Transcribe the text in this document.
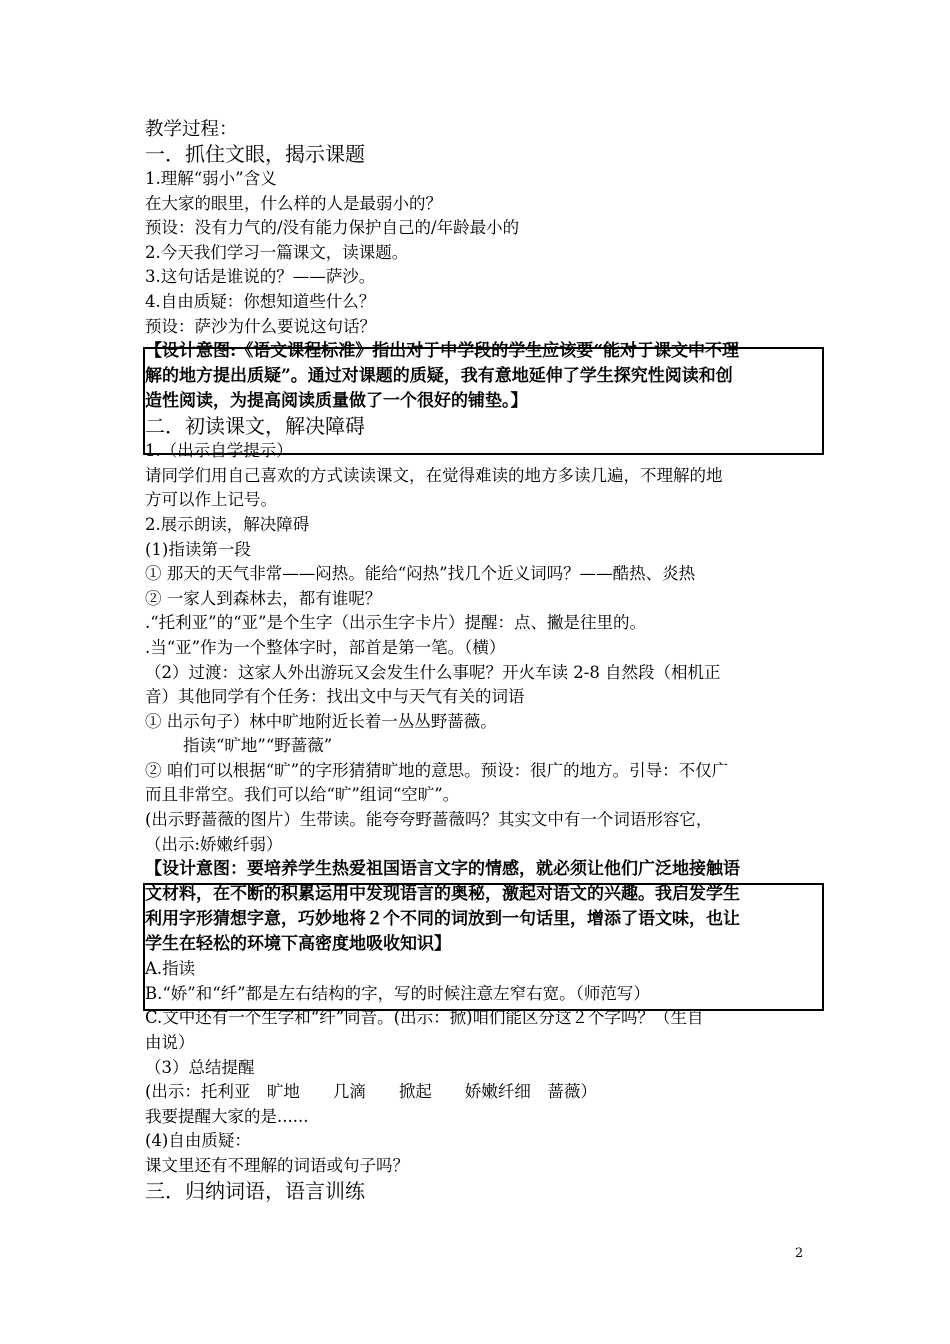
教学过程：
一．抓住文眼，揭示课题
1.理解“弱小”含义
在大家的眼里，什么样的人是最弱小的？
预设：没有力气的/没有能力保护自己的/年龄最小的
2.今天我们学习一篇课文，读课题。
3.这句话是谁说的？——萨沙。
4.自由质疑：你想知道些什么？
预设：萨沙为什么要说这句话？
【设计意图:《语文课程标准》指出对于中学段的学生应该要“能对于课文中不理
解的地方提出质疑”。通过对课题的质疑，我有意地延伸了学生探究性阅读和创
造性阅读，为提高阅读质量做了一个很好的铺垫。】
二．初读课文，解决障碍
1.（出示自学提示）
请同学们用自己喜欢的方式读读课文，在觉得难读的地方多读几遍，不理解的地
方可以作上记号。
2.展示朗读，解决障碍
(1)指读第一段
① 那天的天气非常——闷热。能给“闷热”找几个近义词吗？——酷热、炎热
② 一家人到森林去，都有谁呢？
.“托利亚”的“亚”是个生字（出示生字卡片）提醒：点、撇是往里的。
.当“亚”作为一个整体字时，部首是第一笔。（横）
（2）过渡：这家人外出游玩又会发生什么事呢？开火车读 2-8 自然段（相机正
音）其他同学有个任务：找出文中与天气有关的词语
① 出示句子）林中旷地附近长着一丛丛野蔷薇。
指读“旷地”“野蔷薇”
② 咱们可以根据“旷”的字形猜猜旷地的意思。预设：很广的地方。引导：不仅广
而且非常空。我们可以给“旷”组词“空旷”。
(出示野蔷薇的图片）生带读。能夸夸野蔷薇吗？其实文中有一个词语形容它，
（出示:娇嫩纤弱）
【设计意图：要培养学生热爱祖国语言文字的情感，就必须让他们广泛地接触语
文材料，在不断的积累运用中发现语言的奥秘，激起对语文的兴趣。我启发学生
利用字形猜想字意，巧妙地将２个不同的词放到一句话里，增添了语文味，也让
学生在轻松的环境下高密度地吸收知识】
A.指读
B.“娇”和“纤”都是左右结构的字，写的时候注意左窄右宽。（师范写）
C.文中还有一个生字和“纤”同音。(出示：掀)咱们能区分这２个字吗？（生自
由说）
（3）总结提醒
(出示：托利亚　旷地　　几滴　　掀起　　娇嫩纤细　蔷薇）
我要提醒大家的是......
(4)自由质疑：
课文里还有不理解的词语或句子吗？
三．归纳词语，语言训练
2
